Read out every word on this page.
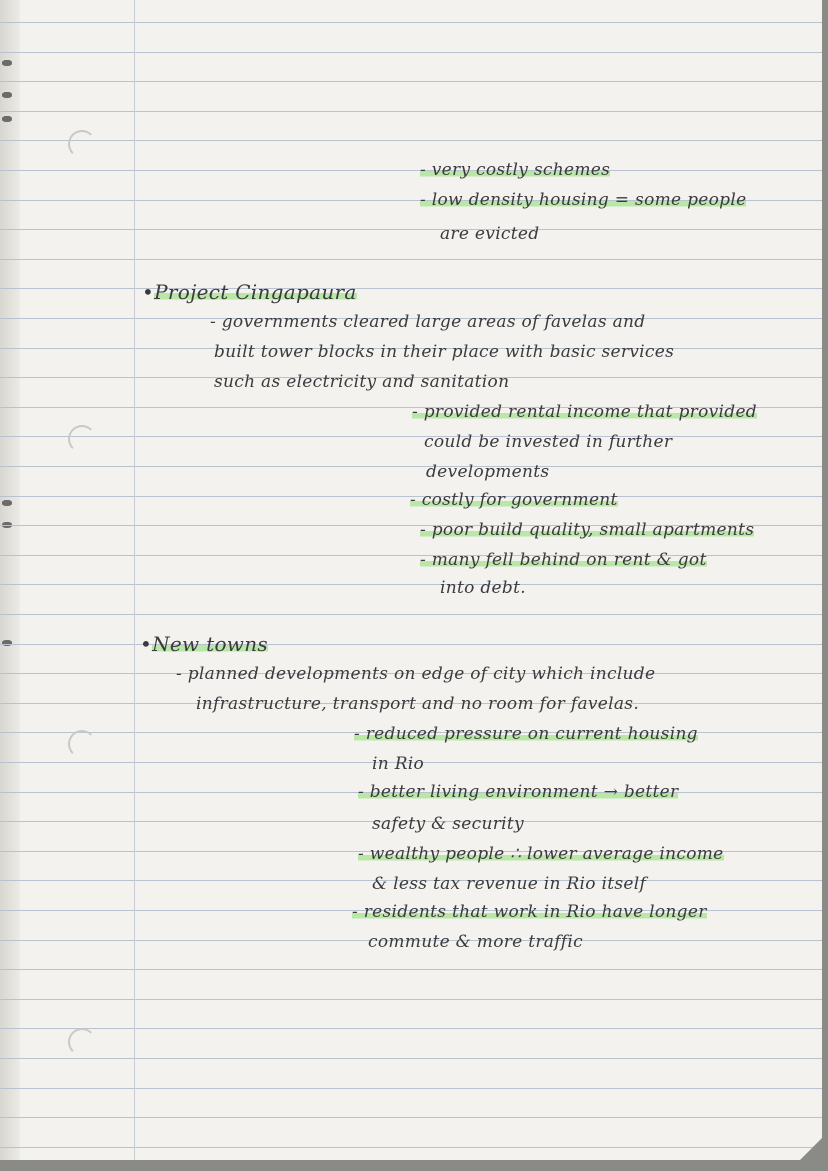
- very costly schemes
- low density housing = some people
are evicted
•Project Cingapaura
- governments cleared large areas of favelas and
built tower blocks in their place with basic services
such as electricity and sanitation
- provided rental income that provided
could be invested in further
developments
- costly for government
- poor build quality, small apartments
- many fell behind on rent & got
into debt.
•New towns
- planned developments on edge of city which include
infrastructure, transport and no room for favelas.
- reduced pressure on current housing
in Rio
- better living environment → better
safety & security
- wealthy people ∴ lower average income
& less tax revenue in Rio itself
- residents that work in Rio have longer
commute & more traffic
